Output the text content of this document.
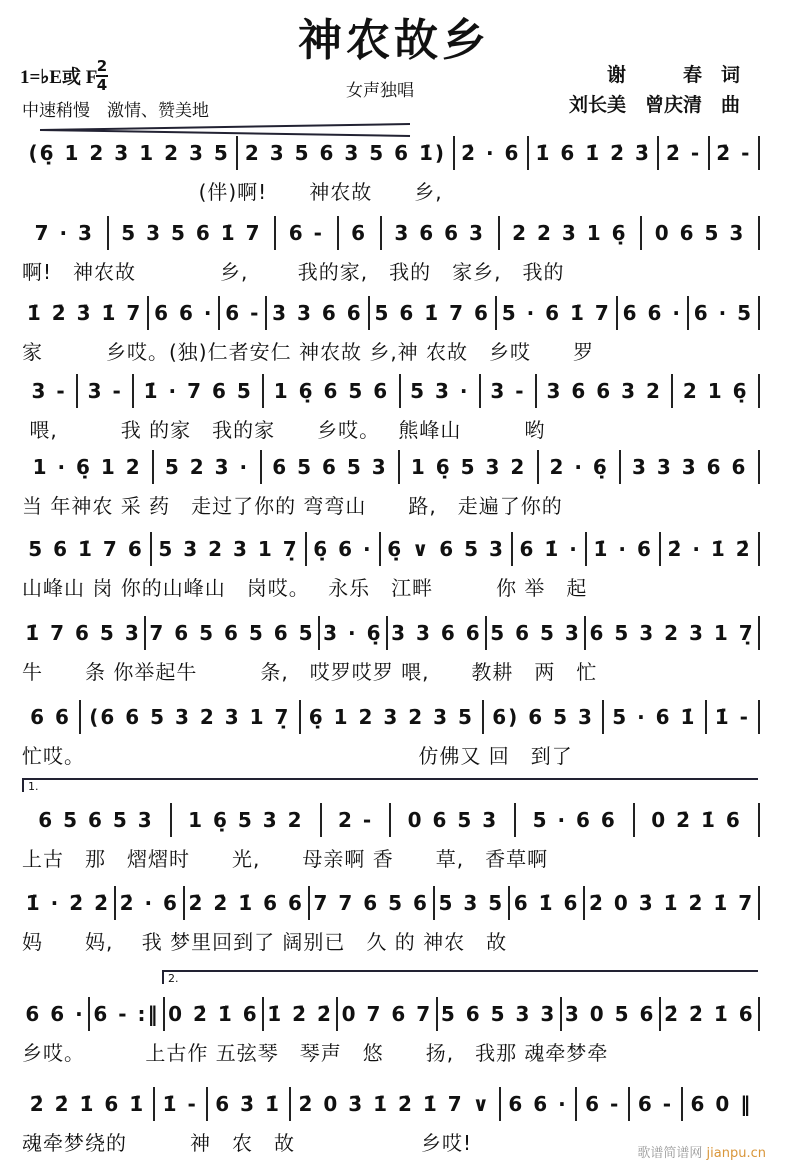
神农故乡
1=♭E或 F
2
4
中速稍慢　激情、赞美地
女声独唱
谢　　　春　词
刘长美　曾庆清　曲
(6̣ 1 2 3 1 2 3 5 2 3 5 6 3 5 6 1̇) 2̇ · 6 1̇ 6 1̇ 2̇ 3̇ 2̇ - 2̇ -
(伴)啊!　　神农故　　乡,
7 · 3	5 3 5 6 1̇ 7	6 -	6	3 6 6 3	2 2 3 1 6̣	0 6 5 3
啊!　神农故　　　　乡,　　 我的家,　我的　家乡,　我的
1̇ 2̇ 3̇ 1̇ 7 6 6 · 6 - 3 3 6 6 5 6 1̇ 7 6 5 · 6 1̇ 7 6 6 · 6 · 5
家　　　乡哎。(独)仁者安仁 神农故 乡,神 农故　乡哎　　罗
3 -	3 -	1̇ · 7 6 5	1 6̣ 6 5 6	5 3 ·	3 -	3 6 6 3 2	2 1 6̣
喂,　　　我 的家　我的家　　乡哎。　 熊峰山　　　哟
1 · 6̣ 1 2	5 2 3 ·	6 5 6 5 3	1 6̣ 5 3 2	2 · 6̣	3 3 3 6 6
当 年神农 采 药　走过了你的 弯弯山　　路,　走遍了你的
5 6 1̇ 7 6 5 3 2 3 1 7̣ 6̣ 6 · 6̣ ∨ 6 5 3 6 1̇ · 1̇ · 6 2̇ · 1̇ 2̇
山峰山 岗 你的山峰山　岗哎。　 永乐　江畔　　　你 举　起
1̇ 7 6 5 3 7 6 5 6 5 6 5 3 · 6̣ 3 3 6 6 5 6 5 3 6 5 3 2 3 1 7̣
牛　　条 你举起牛　　　条,　哎罗哎罗 喂,　　教耕　两　忙
6 6 (6 6 5 3 2 3 1 7̣ 6̣ 1 2 3 2 3 5 6) 6 5 3 5 · 6 1̇ 1̇ -
忙哎。　　　　　　　　　　　　　　　　 仿佛又 回　到了
6 5 6 5 3	1 6̣ 5 3 2	2 -	0 6 5 3	5 · 6 6	0 2̇ 1̇ 6
上古　那　熠熠时　　光,　　母亲啊 香　　草,　香草啊
1̇ · 2̇ 2̇ 2̇ · 6 2̇ 2̇ 1̇ 6 6 7 7 6 5 6 5 3 5 6 1̇ 6 2̇ 0 3̇ 1̇ 2̇ 1̇ 7
妈　　妈,　 我 梦里回到了 阔别已　久 的 神农　故
6 6 · 6 - :‖ 0 2̇ 1̇ 6 1̇ 2̇ 2̇ 0 7 6 7 5 6 5 3 3 3 0 5 6 2̇ 2̇ 1̇ 6
乡哎。　　　 上古作 五弦琴　琴声　悠　　扬,　我那 魂牵梦牵
2̇ 2̇ 1̇ 6 1̇ 1̇ - 6 3̇ 1̇ 2̇ 0 3̇ 1̇ 2̇ 1̇ 7 ∨ 6 6 · 6 - 6 - 6 0 ‖
魂牵梦绕的　　　神　农　故　　　　　　乡哎!
1.
2.
歌谱简谱网 jianpu.cn
